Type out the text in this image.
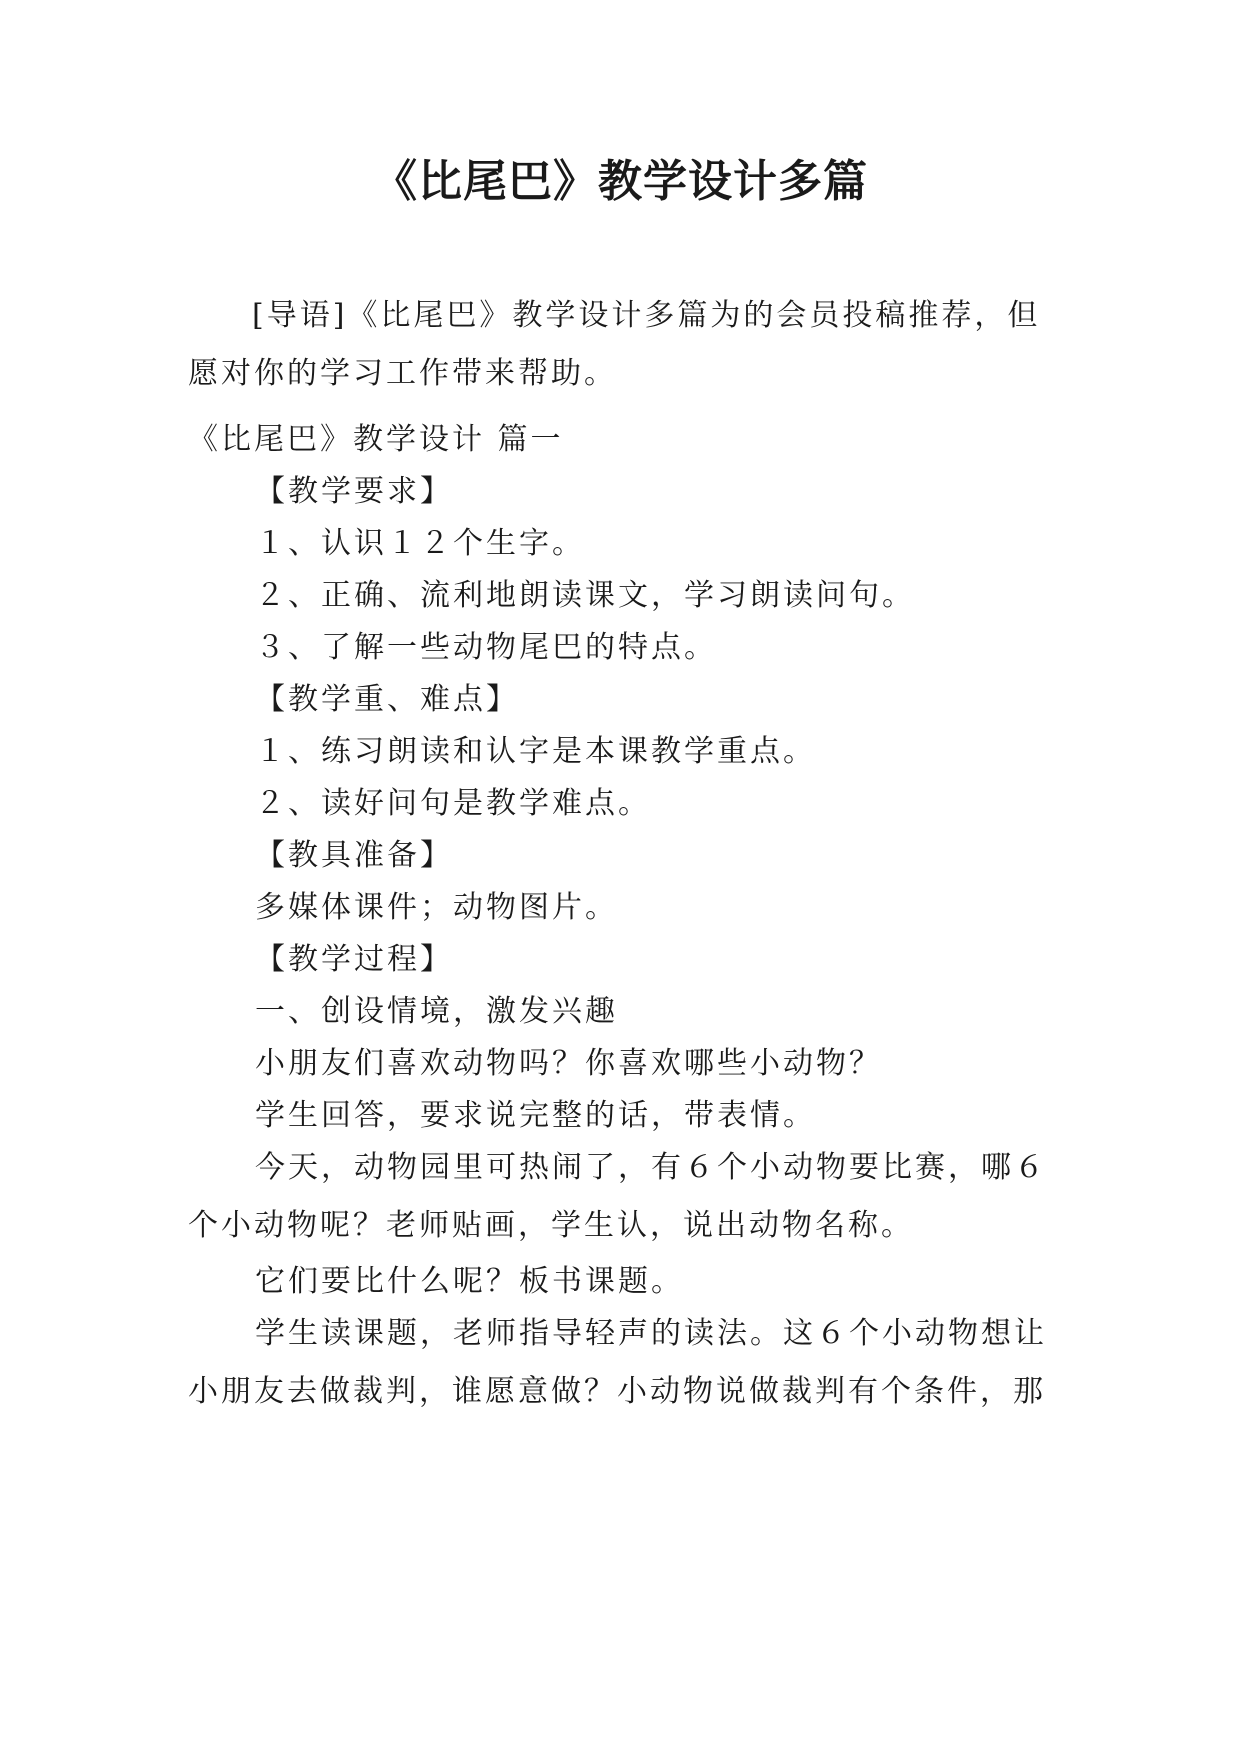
《比尾巴》教学设计多篇
[导语]《比尾巴》教学设计多篇为的会员投稿推荐，但愿对你的学习工作带来帮助。
《比尾巴》教学设计 篇一
【教学要求】
１、认识１２个生字。
２、正确、流利地朗读课文，学习朗读问句。
３、了解一些动物尾巴的特点。
【教学重、难点】
１、练习朗读和认字是本课教学重点。
２、读好问句是教学难点。
【教具准备】
多媒体课件；动物图片。
【教学过程】
一、创设情境，激发兴趣
小朋友们喜欢动物吗？你喜欢哪些小动物？
学生回答，要求说完整的话，带表情。
今天，动物园里可热闹了，有６个小动物要比赛，哪６个小动物呢？老师贴画，学生认，说出动物名称。
它们要比什么呢？板书课题。
学生读课题，老师指导轻声的读法。这６个小动物想让小朋友去做裁判，谁愿意做？小动物说做裁判有个条件，那
